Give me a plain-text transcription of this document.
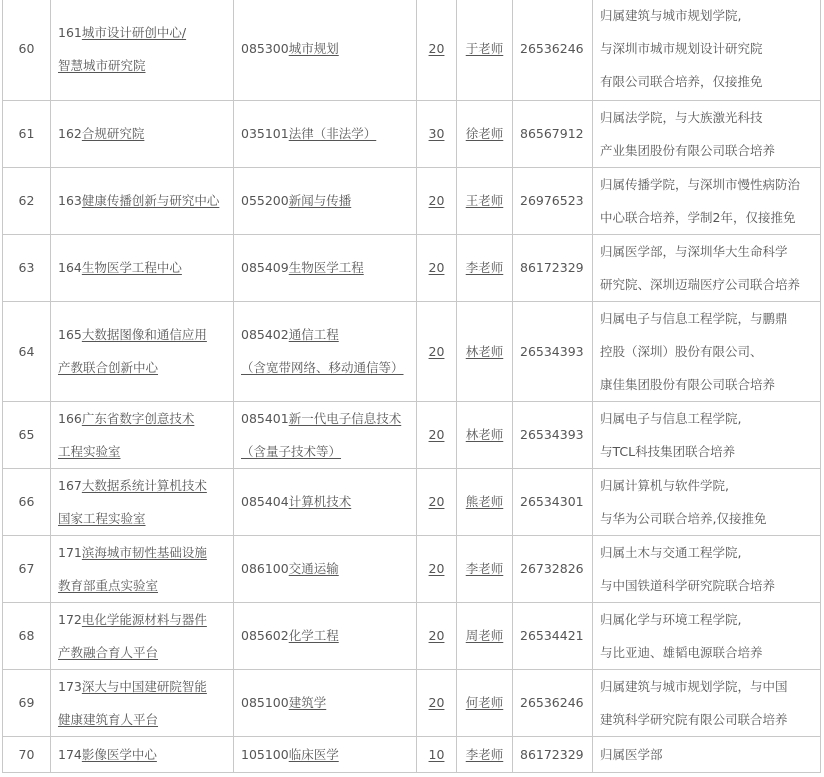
60	161城市设计研创中心/
智慧城市研究院	085300城市规划	20	于老师	26536246	归属建筑与城市规划学院,
与深圳市城市规划设计研究院
有限公司联合培养，仅接推免

61	162合规研究院	035101法律（非法学）	30	徐老师	86567912	归属法学院，与大族激光科技
产业集团股份有限公司联合培养

62	163健康传播创新与研究中心	055200新闻与传播	20	王老师	26976523	归属传播学院，与深圳市慢性病防治
中心联合培养，学制2年，仅接推免

63	164生物医学工程中心	085409生物医学工程	20	李老师	86172329	归属医学部，与深圳华大生命科学
研究院、深圳迈瑞医疗公司联合培养

64	165大数据图像和通信应用
产教联合创新中心	085402通信工程
（含宽带网络、移动通信等）	20	林老师	26534393	归属电子与信息工程学院，与鹏鼎
控股（深圳）股份有限公司、
康佳集团股份有限公司联合培养

65	166广东省数字创意技术
工程实验室	085401新一代电子信息技术
（含量子技术等）	20	林老师	26534393	归属电子与信息工程学院,
与TCL科技集团联合培养

66	167大数据系统计算机技术
国家工程实验室	085404计算机技术	20	熊老师	26534301	归属计算机与软件学院,
与华为公司联合培养,仅接推免

67	171滨海城市韧性基础设施
教育部重点实验室	086100交通运输	20	李老师	26732826	归属土木与交通工程学院,
与中国铁道科学研究院联合培养

68	172电化学能源材料与器件
产教融合育人平台	085602化学工程	20	周老师	26534421	归属化学与环境工程学院,
与比亚迪、雄韬电源联合培养

69	173深大与中国建研院智能
健康建筑育人平台	085100建筑学	20	何老师	26536246	归属建筑与城市规划学院，与中国
建筑科学研究院有限公司联合培养

70	174影像医学中心	105100临床医学	10	李老师	86172329	归属医学部
